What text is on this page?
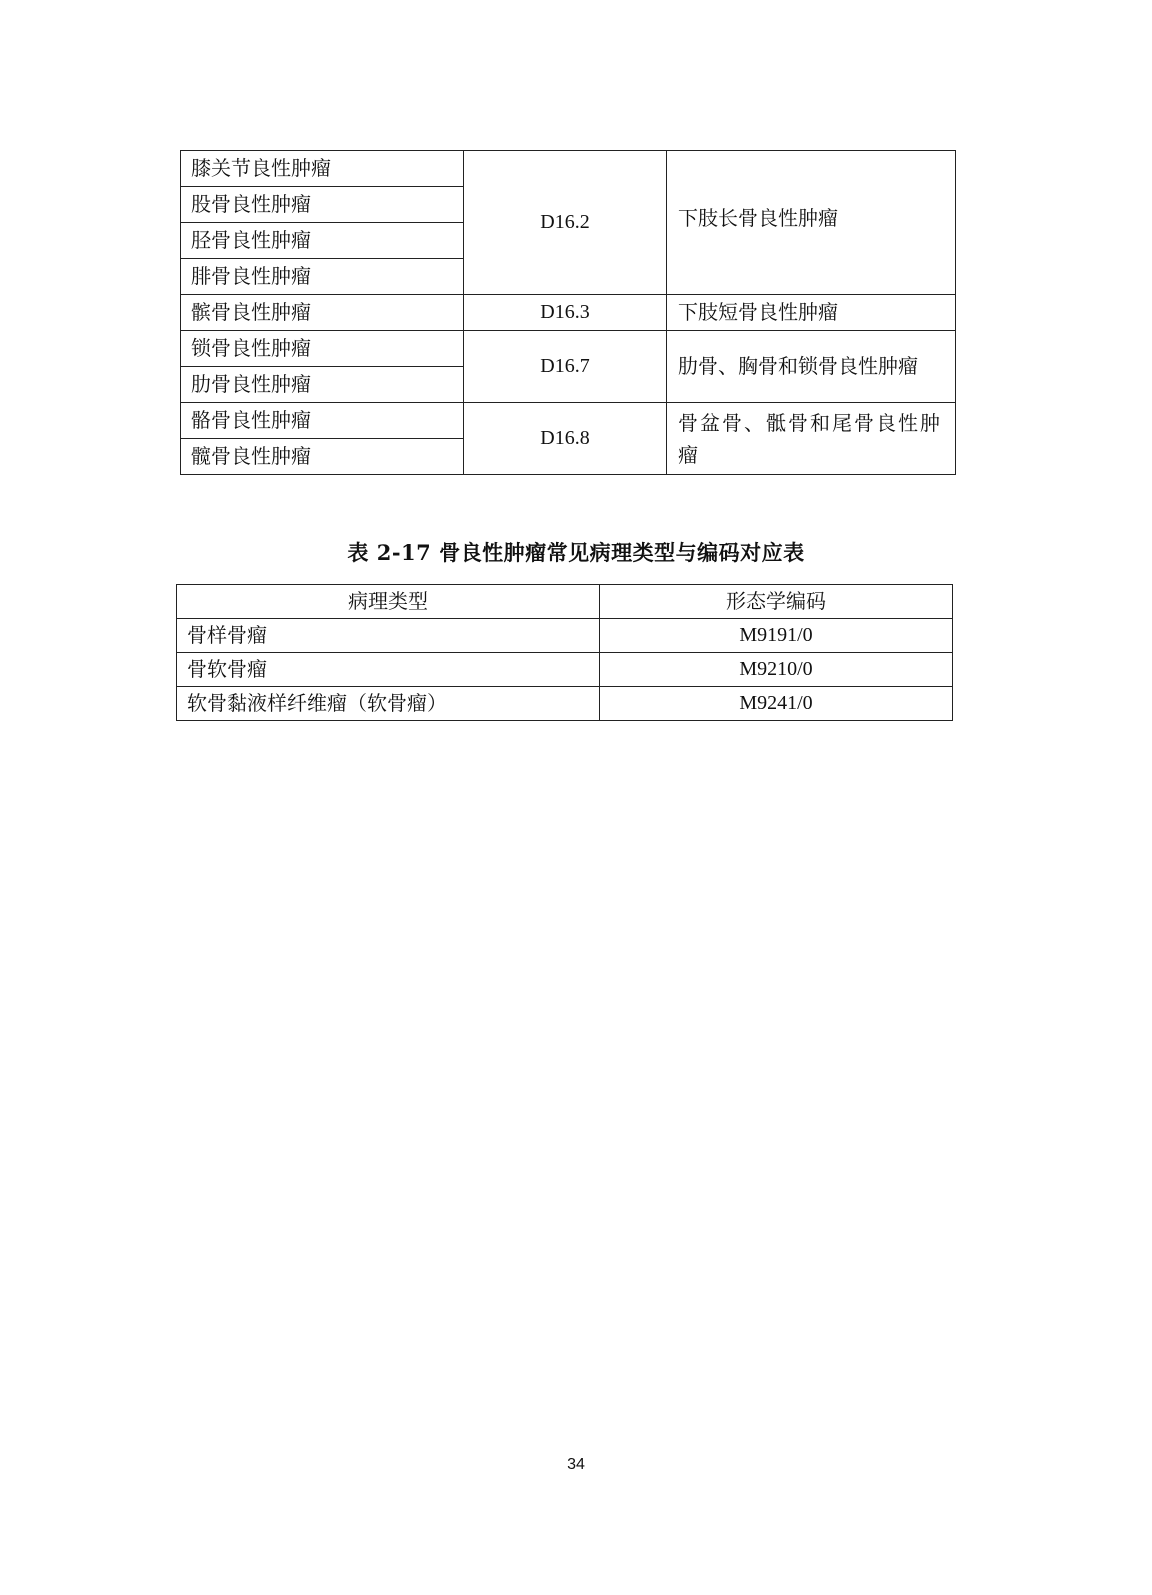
膝关节良性肿瘤	D16.2	下肢长骨良性肿瘤
股骨良性肿瘤		
胫骨良性肿瘤		
腓骨良性肿瘤		
髌骨良性肿瘤	D16.3	下肢短骨良性肿瘤
锁骨良性肿瘤	D16.7	肋骨、胸骨和锁骨良性肿瘤
肋骨良性肿瘤		
骼骨良性肿瘤	D16.8	骨盆骨、骶骨和尾骨良性肿瘤
髋骨良性肿瘤		
表 2-17 骨良性肿瘤常见病理类型与编码对应表
病理类型	形态学编码
骨样骨瘤	M9191/0
骨软骨瘤	M9210/0
软骨黏液样纤维瘤（软骨瘤）	M9241/0
34
